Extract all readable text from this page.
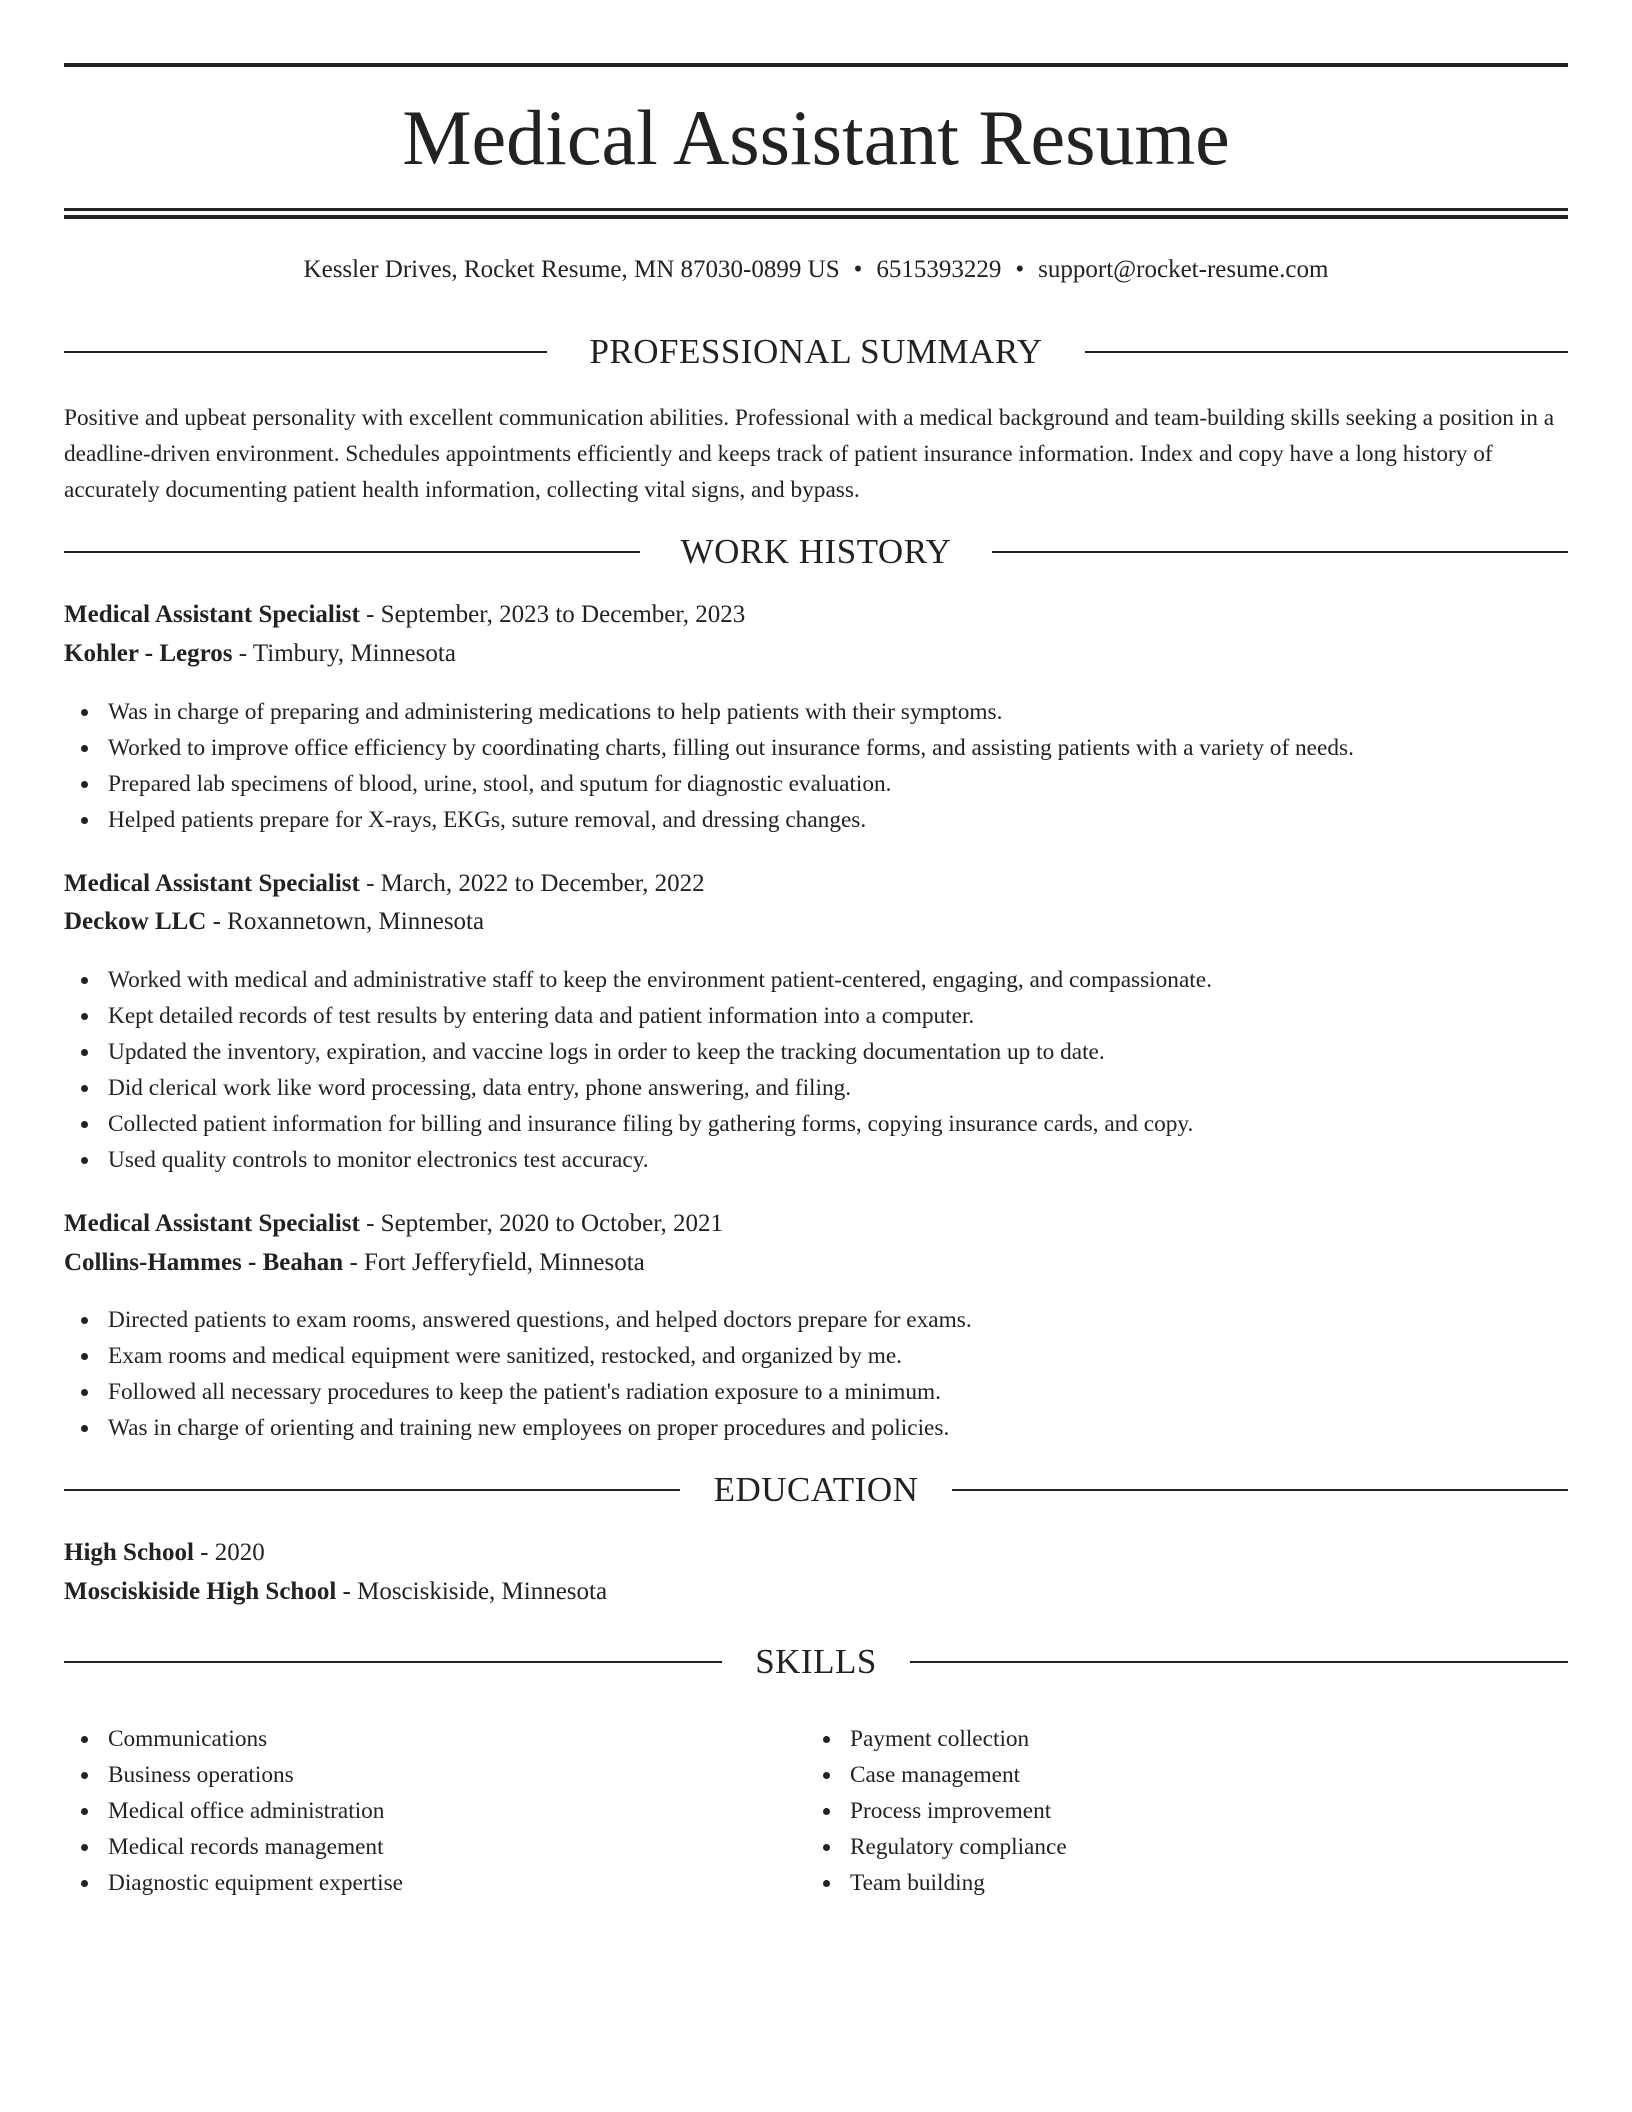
Medical Assistant Resume
Kessler Drives, Rocket Resume, MN 87030-0899 US • 6515393229 • support@rocket-resume.com
PROFESSIONAL SUMMARY

Positive and upbeat personality with excellent communication abilities. Professional with a medical background and team-building skills seeking a position in a deadline-driven environment. Schedules appointments efficiently and keeps track of patient insurance information. Index and copy have a long history of accurately documenting patient health information, collecting vital signs, and bypass.

WORK HISTORY
Medical Assistant Specialist - September, 2023 to December, 2023
Kohler - Legros - Timbury, Minnesota
Was in charge of preparing and administering medications to help patients with their symptoms.
Worked to improve office efficiency by coordinating charts, filling out insurance forms, and assisting patients with a variety of needs.
Prepared lab specimens of blood, urine, stool, and sputum for diagnostic evaluation.
Helped patients prepare for X-rays, EKGs, suture removal, and dressing changes.
Medical Assistant Specialist - March, 2022 to December, 2022
Deckow LLC - Roxannetown, Minnesota
Worked with medical and administrative staff to keep the environment patient-centered, engaging, and compassionate.
Kept detailed records of test results by entering data and patient information into a computer.
Updated the inventory, expiration, and vaccine logs in order to keep the tracking documentation up to date.
Did clerical work like word processing, data entry, phone answering, and filing.
Collected patient information for billing and insurance filing by gathering forms, copying insurance cards, and copy.
Used quality controls to monitor electronics test accuracy.
Medical Assistant Specialist - September, 2020 to October, 2021
Collins-Hammes - Beahan - Fort Jefferyfield, Minnesota
Directed patients to exam rooms, answered questions, and helped doctors prepare for exams.
Exam rooms and medical equipment were sanitized, restocked, and organized by me.
Followed all necessary procedures to keep the patient's radiation exposure to a minimum.
Was in charge of orienting and training new employees on proper procedures and policies.
EDUCATION
High School - 2020
Mosciskiside High School - Mosciskiside, Minnesota
SKILLS
Communications
Business operations
Medical office administration
Medical records management
Diagnostic equipment expertise
Payment collection
Case management
Process improvement
Regulatory compliance
Team building
